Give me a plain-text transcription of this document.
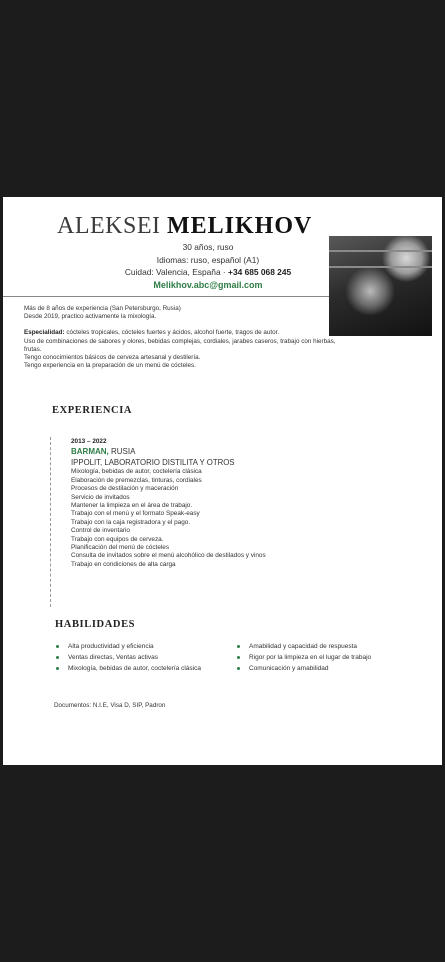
ALEKSEI MELIKHOV
30 años, ruso
Idiomas: ruso, español (A1)
Cuidad: Valencia, España · +34 685 068 245
Melikhov.abc@gmail.com
Más de 8 años de experiencia (San Petersburgo, Rusia)
Desde 2019, practico activamente la mixología.
Especialidad: cócteles tropicales, cócteles fuertes y ácidos, alcohol fuerte, tragos de autor.
Uso de combinaciones de sabores y olores, bebidas complejas, cordiales, jarabes caseros, trabajo con hierbas, frutas.
Tengo conocimientos básicos de cerveza artesanal y destilería.
Tengo experiencia en la preparación de un menú de cócteles.
EXPERIENCIA
2013 – 2022
BARMAN, RUSIA
IPPOLIT, LABORATORIO DISTILITA Y OTROS
Mixología, bebidas de autor, coctelería clásica
Elaboración de premezclas, tinturas, cordiales
Procesos de destilación y maceración
Servicio de invitados
Mantener la limpieza en el área de trabajo.
Trabajo con el menú y el formato Speak-easy
Trabajo con la caja registradora y el pago.
Control de inventario
Trabajo con equipos de cerveza.
Planificación del menú de cócteles
Consulta de invitados sobre el menú alcohólico de destilados y vinos
Trabajo en condiciones de alta carga
HABILIDADES
Alta productividad y eficiencia
Ventas directas, Ventas activas
Mixología, bebidas de autor, coctelería clásica
Amabilidad y capacidad de respuesta
Rigor por la limpieza en el lugar de trabajo
Comunicación y amabilidad
Documentos: N.I.E, Visa D, SIP, Padron
